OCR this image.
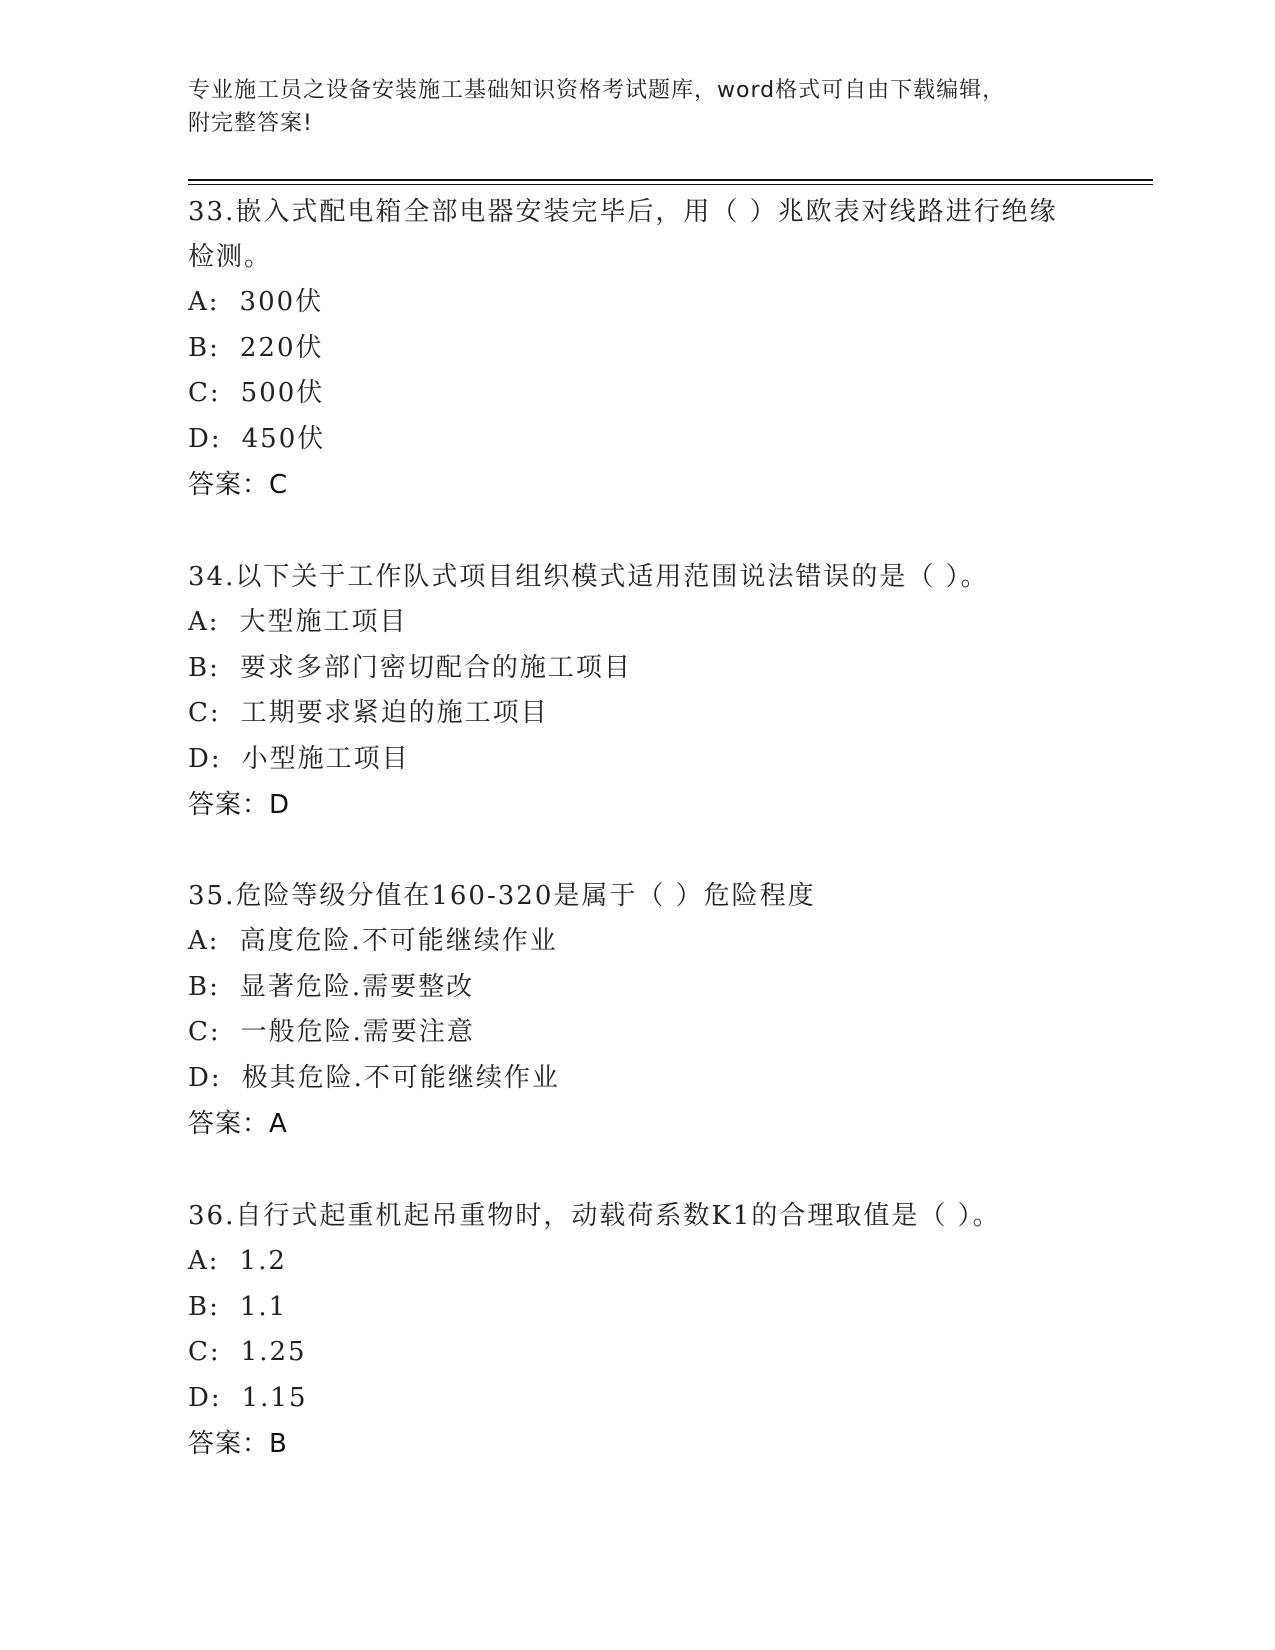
专业施工员之设备安装施工基础知识资格考试题库，word格式可自由下载编辑，
附完整答案!
33.嵌入式配电箱全部电器安装完毕后，用（ ）兆欧表对线路进行绝缘检测。
A: 300伏
B: 220伏
C: 500伏
D: 450伏
答案：C
34.以下关于工作队式项目组织模式适用范围说法错误的是（ ）。
A: 大型施工项目
B: 要求多部门密切配合的施工项目
C: 工期要求紧迫的施工项目
D: 小型施工项目
答案：D
35.危险等级分值在160-320是属于（ ）危险程度
A: 高度危险.不可能继续作业
B: 显著危险.需要整改
C: 一般危险.需要注意
D: 极其危险.不可能继续作业
答案：A
36.自行式起重机起吊重物时，动载荷系数K1的合理取值是（ ）。
A: 1.2
B: 1.1
C: 1.25
D: 1.15
答案：B
